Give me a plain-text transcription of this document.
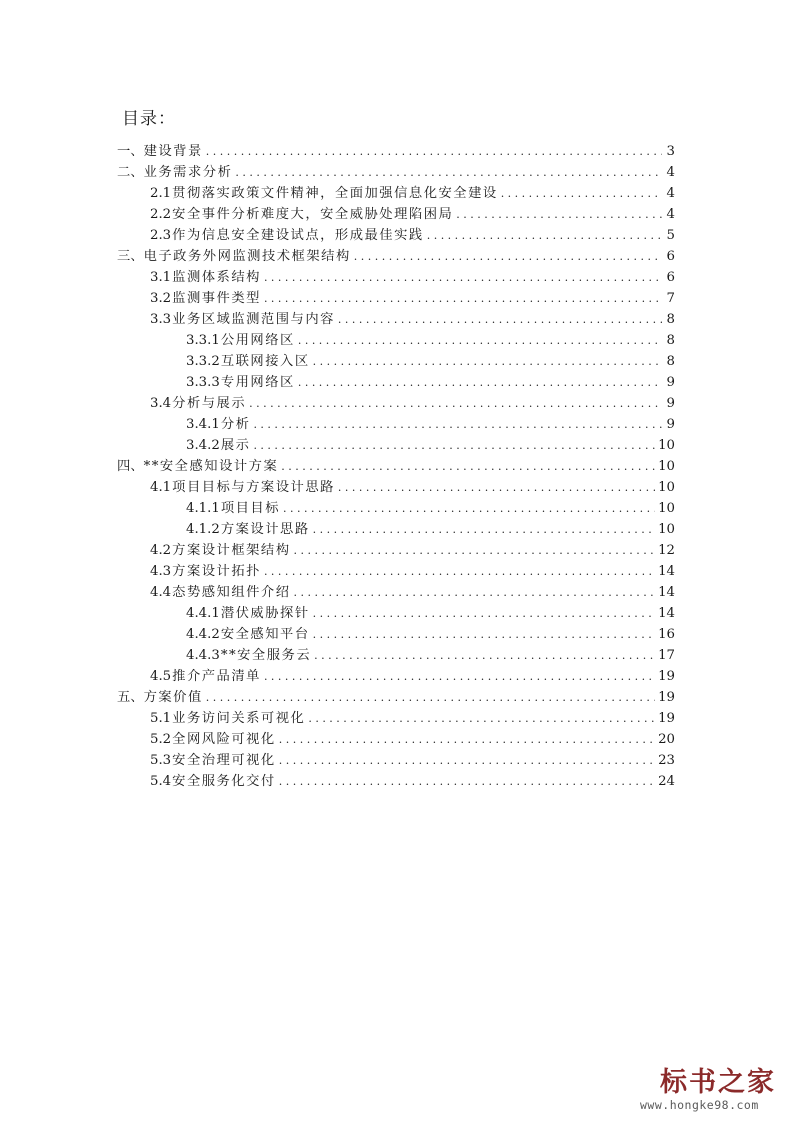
目录：
一、 建设背景 . . .	3
二、 业务需求分析 . . .	4
2.1 贯彻落实政策文件精神，全面加强信息化安全建设 . . .	4
2.2 安全事件分析难度大，安全威胁处理陷困局 . . .	4
2.3 作为信息安全建设试点，形成最佳实践 . . .	5
三、 电子政务外网监测技术框架结构 . . .	6
3.1 监测体系结构 . . .	6
3.2 监测事件类型 . . .	7
3.3 业务区域监测范围与内容 . . .	8
3.3.1 公用网络区 . . .	8
3.3.2 互联网接入区 . . .	8
3.3.3 专用网络区 . . .	9
3.4 分析与展示 . . .	9
3.4.1 分析 . . .	9
3.4.2 展示 . . .	10
四、 **安全感知设计方案 . . .	10
4.1 项目目标与方案设计思路 . . .	10
4.1.1 项目目标 . . .	10
4.1.2 方案设计思路 . . .	10
4.2 方案设计框架结构 . . .	12
4.3 方案设计拓扑 . . .	14
4.4 态势感知组件介绍 . . .	14
4.4.1 潜伏威胁探针 . . .	14
4.4.2 安全感知平台 . . .	16
4.4.3 **安全服务云 . . .	17
4.5 推介产品清单 . . .	19
五、 方案价值 . . .	19
5.1 业务访问关系可视化 . . .	19
5.2 全网风险可视化 . . .	20
5.3 安全治理可视化 . . .	23
5.4 安全服务化交付 . . .	24
标书之家
www.hongke98.com
